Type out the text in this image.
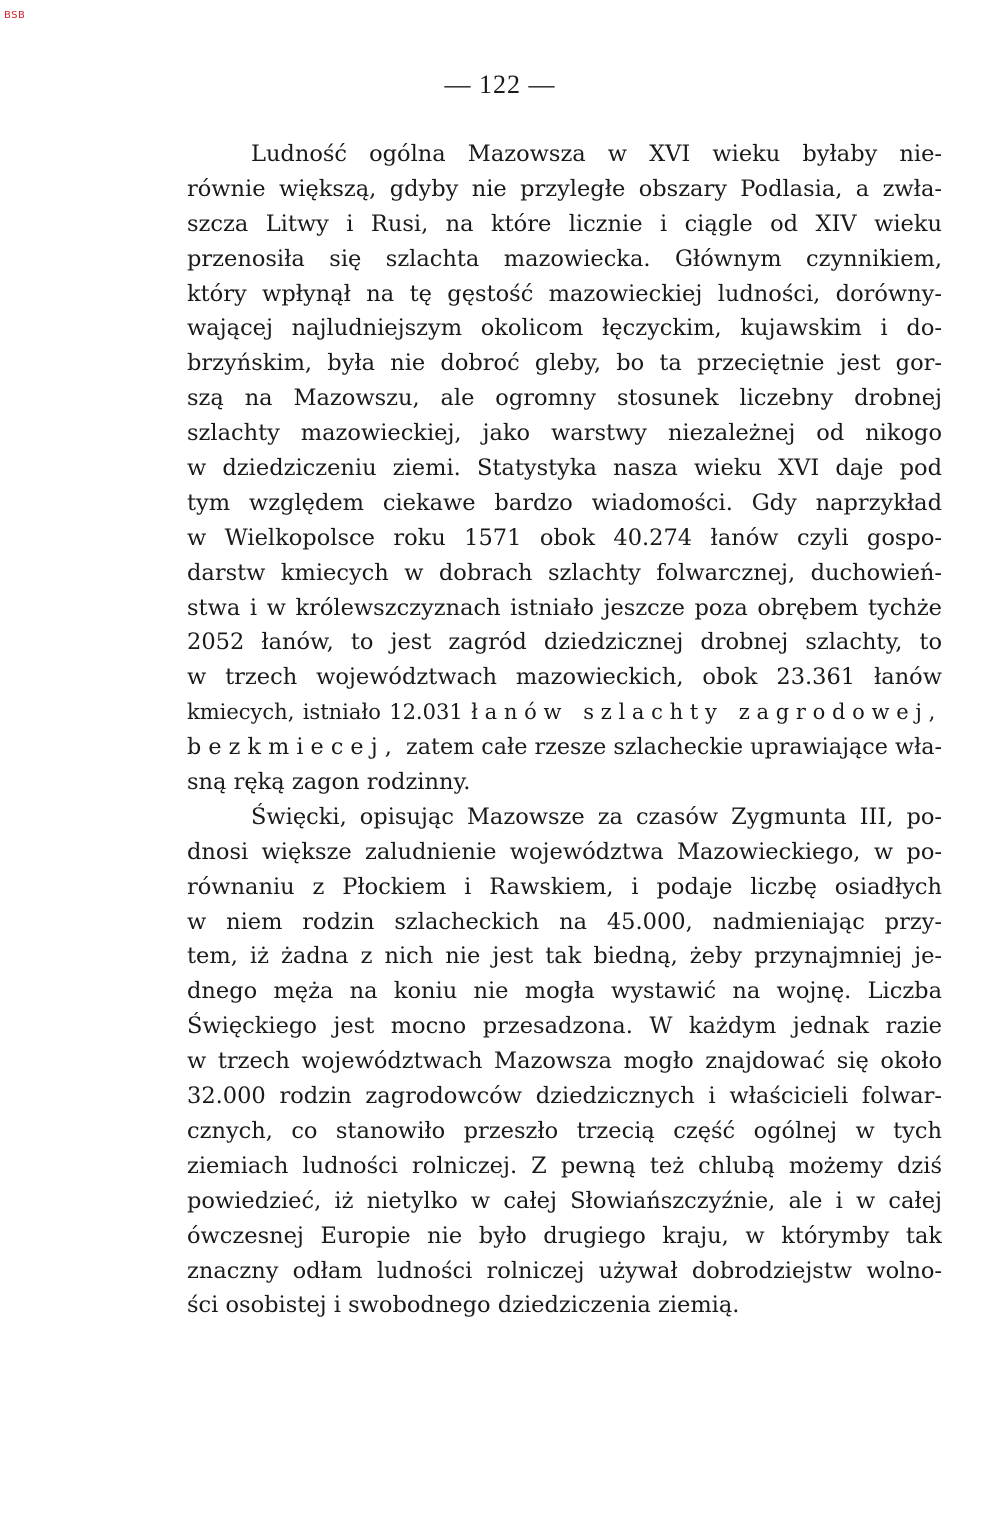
BSB
— 122 —
Ludność ogólna Mazowsza w XVI wieku byłaby nie-
równie większą, gdyby nie przyległe obszary Podlasia, a zwła-
szcza Litwy i Rusi, na które licznie i ciągle od XIV wieku
przenosiła się szlachta mazowiecka. Głównym czynnikiem,
który wpłynął na tę gęstość mazowieckiej ludności, dorówny-
wającej najludniejszym okolicom łęczyckim, kujawskim i do-
brzyńskim, była nie dobroć gleby, bo ta przeciętnie jest gor-
szą na Mazowszu, ale ogromny stosunek liczebny drobnej
szlachty mazowieckiej, jako warstwy niezależnej od nikogo
w dziedziczeniu ziemi. Statystyka nasza wieku XVI daje pod
tym względem ciekawe bardzo wiadomości. Gdy naprzykład
w Wielkopolsce roku 1571 obok 40.274 łanów czyli gospo-
darstw kmiecych w dobrach szlachty folwarcznej, duchowień-
stwa i w królewszczyznach istniało jeszcze poza obrębem tychże
2052 łanów, to jest zagród dziedzicznej drobnej szlachty, to
w trzech województwach mazowieckich, obok 23.361 łanów
kmiecych, istniało 12.031 łanów szlachty zagrodowej,
bezkmiecej, zatem całe rzesze szlacheckie uprawiające wła-
sną ręką zagon rodzinny.
Święcki, opisując Mazowsze za czasów Zygmunta III, po-
dnosi większe zaludnienie województwa Mazowieckiego, w po-
równaniu z Płockiem i Rawskiem, i podaje liczbę osiadłych
w niem rodzin szlacheckich na 45.000, nadmieniając przy-
tem, iż żadna z nich nie jest tak biedną, żeby przynajmniej je-
dnego męża na koniu nie mogła wystawić na wojnę. Liczba
Święckiego jest mocno przesadzona. W każdym jednak razie
w trzech województwach Mazowsza mogło znajdować się około
32.000 rodzin zagrodowców dziedzicznych i właścicieli folwar-
cznych, co stanowiło przeszło trzecią część ogólnej w tych
ziemiach ludności rolniczej. Z pewną też chlubą możemy dziś
powiedzieć, iż nietylko w całej Słowiańszczyźnie, ale i w całej
ówczesnej Europie nie było drugiego kraju, w którymby tak
znaczny odłam ludności rolniczej używał dobrodziejstw wolno-
ści osobistej i swobodnego dziedziczenia ziemią.
